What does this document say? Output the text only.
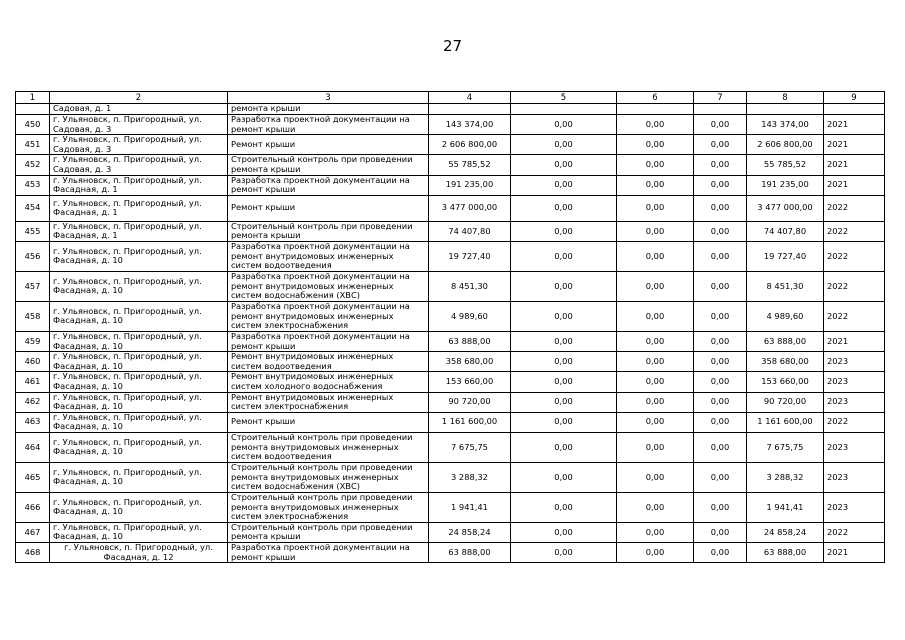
27
1	2	3	4	5	6	7	8	9
	Садовая, д. 1	ремонта крыши						
450	г. Ульяновск, п. Пригородный, ул. Садовая, д. 3	Разработка проектной документации на ремонт крыши	143 374,00	0,00	0,00	0,00	143 374,00	2021
451	г. Ульяновск, п. Пригородный, ул. Садовая, д. 3	Ремонт крыши	2 606 800,00	0,00	0,00	0,00	2 606 800,00	2021
452	г. Ульяновск, п. Пригородный, ул. Садовая, д. 3	Строительный контроль при проведении ремонта крыши	55 785,52	0,00	0,00	0,00	55 785,52	2021
453	г. Ульяновск, п. Пригородный, ул. Фасадная, д. 1	Разработка проектной документации на ремонт крыши	191 235,00	0,00	0,00	0,00	191 235,00	2021
454	г. Ульяновск, п. Пригородный, ул. Фасадная, д. 1	Ремонт крыши	3 477 000,00	0,00	0,00	0,00	3 477 000,00	2022
455	г. Ульяновск, п. Пригородный, ул. Фасадная, д. 1	Строительный контроль при проведении ремонта крыши	74 407,80	0,00	0,00	0,00	74 407,80	2022
456	г. Ульяновск, п. Пригородный, ул. Фасадная, д. 10	Разработка проектной документации на ремонт внутридомовых инженерных систем водоотведения	19 727,40	0,00	0,00	0,00	19 727,40	2022
457	г. Ульяновск, п. Пригородный, ул. Фасадная, д. 10	Разработка проектной документации на ремонт внутридомовых инженерных систем водоснабжения (ХВС)	8 451,30	0,00	0,00	0,00	8 451,30	2022
458	г. Ульяновск, п. Пригородный, ул. Фасадная, д. 10	Разработка проектной документации на ремонт внутридомовых инженерных систем электроснабжения	4 989,60	0,00	0,00	0,00	4 989,60	2022
459	г. Ульяновск, п. Пригородный, ул. Фасадная, д. 10	Разработка проектной документации на ремонт крыши	63 888,00	0,00	0,00	0,00	63 888,00	2021
460	г. Ульяновск, п. Пригородный, ул. Фасадная, д. 10	Ремонт внутридомовых инженерных систем водоотведения	358 680,00	0,00	0,00	0,00	358 680,00	2023
461	г. Ульяновск, п. Пригородный, ул. Фасадная, д. 10	Ремонт внутридомовых инженерных систем холодного водоснабжения	153 660,00	0,00	0,00	0,00	153 660,00	2023
462	г. Ульяновск, п. Пригородный, ул. Фасадная, д. 10	Ремонт внутридомовых инженерных систем электроснабжения	90 720,00	0,00	0,00	0,00	90 720,00	2023
463	г. Ульяновск, п. Пригородный, ул. Фасадная, д. 10	Ремонт крыши	1 161 600,00	0,00	0,00	0,00	1 161 600,00	2022
464	г. Ульяновск, п. Пригородный, ул. Фасадная, д. 10	Строительный контроль при проведении ремонта внутридомовых инженерных систем водоотведения	7 675,75	0,00	0,00	0,00	7 675,75	2023
465	г. Ульяновск, п. Пригородный, ул. Фасадная, д. 10	Строительный контроль при проведении ремонта внутридомовых инженерных систем водоснабжения (ХВС)	3 288,32	0,00	0,00	0,00	3 288,32	2023
466	г. Ульяновск, п. Пригородный, ул. Фасадная, д. 10	Строительный контроль при проведении ремонта внутридомовых инженерных систем электроснабжения	1 941,41	0,00	0,00	0,00	1 941,41	2023
467	г. Ульяновск, п. Пригородный, ул. Фасадная, д. 10	Строительный контроль при проведении ремонта крыши	24 858,24	0,00	0,00	0,00	24 858,24	2022
468	г. Ульяновск, п. Пригородный, ул. Фасадная, д. 12	Разработка проектной документации на ремонт крыши	63 888,00	0,00	0,00	0,00	63 888,00	2021
